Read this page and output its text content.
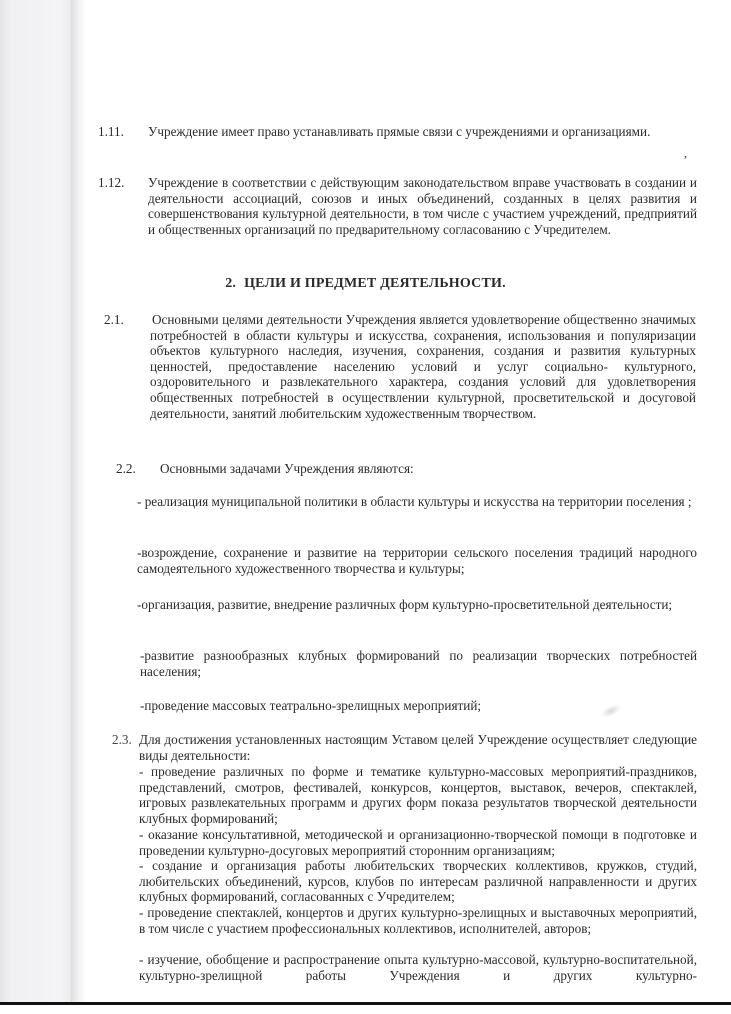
1.11. Учреждение имеет право устанавливать прямые связи с учреждениями и организациями.
,
1.12. Учреждение в соответствии с действующим законодательством вправе участвовать в создании и деятельности ассоциаций, союзов и иных объединений, созданных в целях развития и совершенствования культурной деятельности, в том числе с участием учреждений, предприятий и общественных организаций по предварительному согласованию с Учредителем.
2. ЦЕЛИ И ПРЕДМЕТ ДЕЯТЕЛЬНОСТИ.
2.1. Основными целями деятельности Учреждения является удовлетворение общественно значимых потребностей в области культуры и искусства, сохранения, использования и популяризации объектов культурного наследия, изучения, сохранения, создания и развития культурных ценностей, предоставление населению условий и услуг социально- культурного, оздоровительного и развлекательного характера, создания условий для удовлетворения общественных потребностей в осуществлении культурной, просветительской и досуговой деятельности, занятий любительским художественным творчеством.
2.2. Основными задачами Учреждения являются:
- реализация муниципальной политики в области культуры и искусства на территории поселения ;
-возрождение, сохранение и развитие на территории сельского поселения традиций народного самодеятельного художественного творчества и культуры;
-организация, развитие, внедрение различных форм культурно-просветительной деятельности;
-развитие разнообразных клубных формирований по реализации творческих потребностей населения;
-проведение массовых театрально-зрелищных мероприятий;
2.3. Для достижения установленных настоящим Уставом целей Учреждение осуществляет следующие виды деятельности:
- проведение различных по форме и тематике культурно-массовых мероприятий-праздников, представлений, смотров, фестивалей, конкурсов, концертов, выставок, вечеров, спектаклей, игровых развлекательных программ и других форм показа результатов творческой деятельности клубных формирований;
- оказание консультативной, методической и организационно-творческой помощи в подготовке и проведении культурно-досуговых мероприятий сторонним организациям;
- создание и организация работы любительских творческих коллективов, кружков, студий, любительских объединений, курсов, клубов по интересам различной направленности и других клубных формирований, согласованных с Учредителем;
- проведение спектаклей, концертов и других культурно-зрелищных и выставочных мероприятий, в том числе с участием профессиональных коллективов, исполнителей, авторов;
- изучение, обобщение и распространение опыта культурно-массовой, культурно-воспитательной, культурно-зрелищной работы Учреждения и других культурно-
